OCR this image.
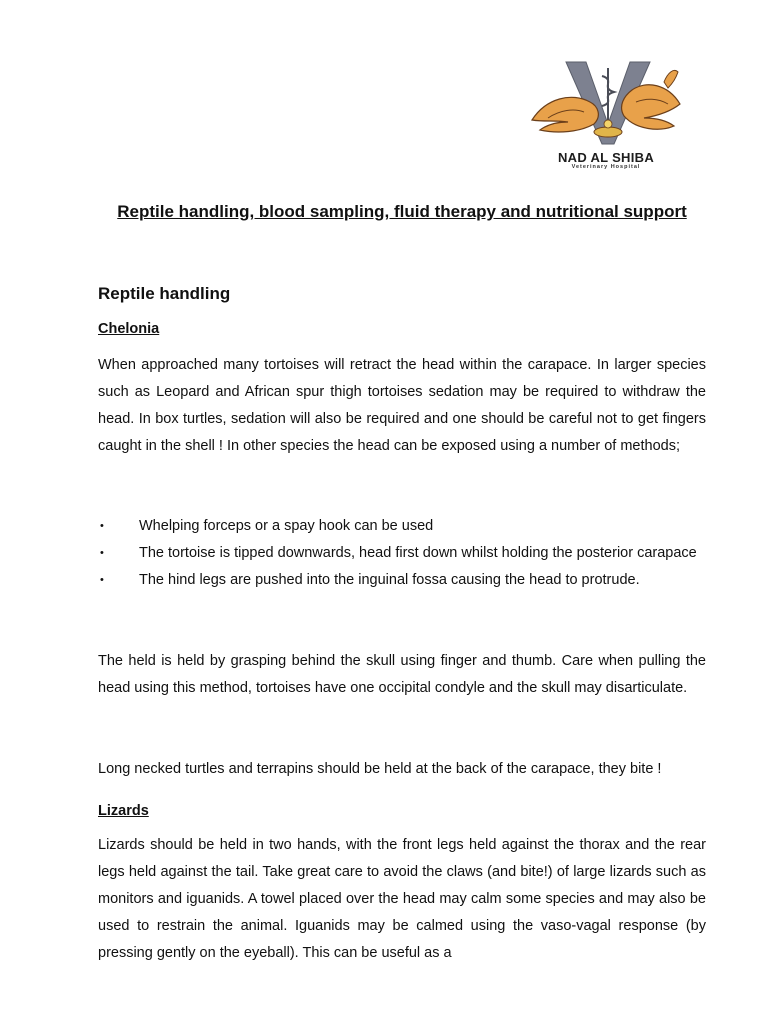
NAD AL SHIBA
Veterinary Hospital
Reptile handling, blood sampling, fluid therapy and nutritional support
Reptile handling
Chelonia

When approached many tortoises will retract the head within the carapace. In larger species such as Leopard and African spur thigh tortoises sedation may be required to withdraw the head. In box turtles, sedation will also be required and one should be careful not to get fingers caught in the shell ! In other species the head can be exposed using a number of methods;

• Whelping forceps or a spay hook can be used
• The tortoise is tipped downwards, head first down whilst holding the posterior carapace
• The hind legs are pushed into the inguinal fossa causing the head to protrude.

The held is held by grasping behind the skull using finger and thumb. Care when pulling the head using this method, tortoises have one occipital condyle and the skull may disarticulate.

Long necked turtles and terrapins should be held at the back of the carapace, they bite !

Lizards

Lizards should be held in two hands, with the front legs held against the thorax and the rear legs held against the tail. Take great care to avoid the claws (and bite!) of large lizards such as monitors and iguanids. A towel placed over the head may calm some species and may also be used to restrain the animal. Iguanids may be calmed using the vaso-vagal response (by pressing gently on the eyeball). This can be useful as a
